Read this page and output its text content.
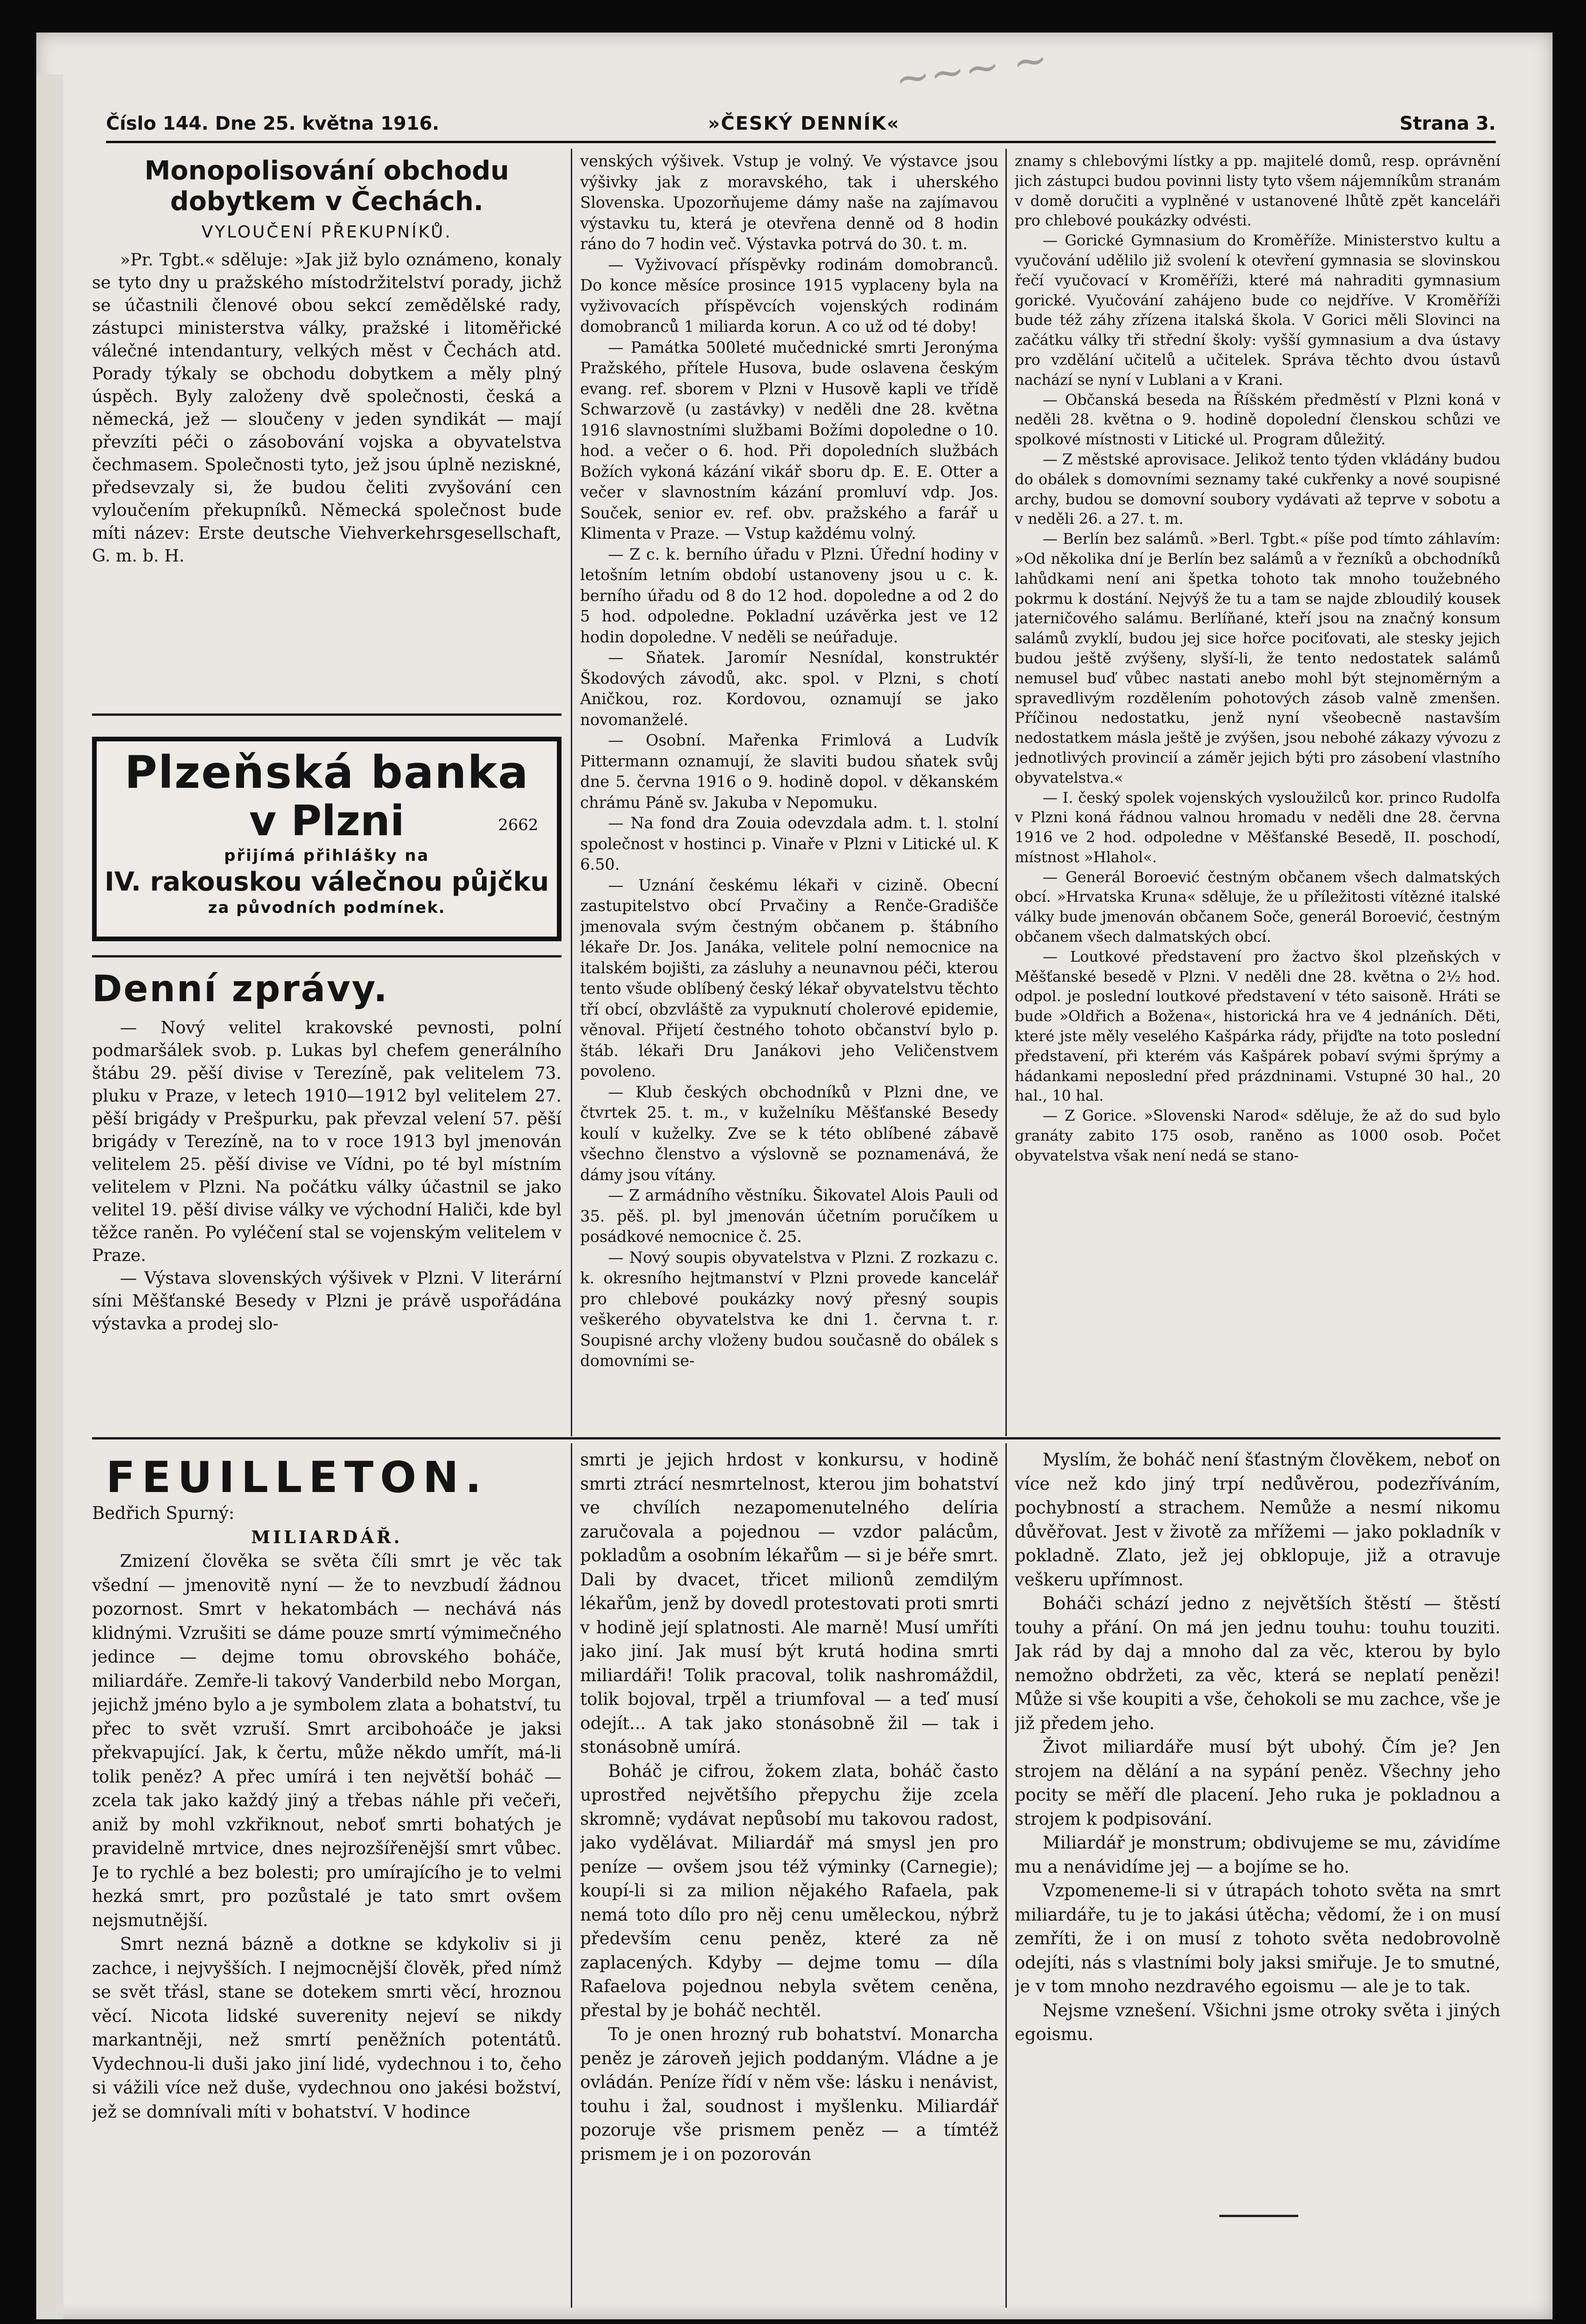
~~~ ~
Číslo 144. Dne 25. května 1916.	»ČESKÝ DENNÍK«	Strana 3.
Monopolisování obchodu dobytkem v Čechách.
VYLOUČENÍ PŘEKUPNÍKŮ.

»Pr. Tgbt.« sděluje: »Jak již bylo oznámeno, konaly se tyto dny u pražského místodržitelství porady, jichž se účastnili členové obou sekcí zemědělské rady, zástupci ministerstva války, pražské i litoměřické válečné intendantury, velkých měst v Čechách atd. Porady týkaly se obchodu dobytkem a měly plný úspěch. Byly založeny dvě společnosti, česká a německá, jež — sloučeny v jeden syndikát — mají převzíti péči o zásobování vojska a obyvatelstva čechmasem. Společnosti tyto, jež jsou úplně neziskné, předsevzaly si, že budou čeliti zvyšování cen vyloučením překupníků. Německá společnost bude míti název: Erste deutsche Viehverkehrsgesellschaft, G. m. b. H.

Plzeňská banka
v Plzni	2662
přijímá přihlášky na
IV. rakouskou válečnou půjčku
za původních podmínek.
Denní zprávy.

— Nový velitel krakovské pevnosti, polní podmaršálek svob. p. Lukas byl chefem generálního štábu 29. pěší divise v Terezíně, pak velitelem 73. pluku v Praze, v letech 1910—1912 byl velitelem 27. pěší brigády v Prešpurku, pak převzal velení 57. pěší brigády v Terezíně, na to v roce 1913 byl jmenován velitelem 25. pěší divise ve Vídni, po té byl místním velitelem v Plzni. Na počátku války účastnil se jako velitel 19. pěší divise války ve východní Haliči, kde byl těžce raněn. Po vyléčení stal se vojenským velitelem v Praze.

— Výstava slovenských výšivek v Plzni. V literární síni Měšťanské Besedy v Plzni je právě uspořádána výstavka a prodej slo-

venských výšivek. Vstup je volný. Ve výstavce jsou výšivky jak z moravského, tak i uherského Slovenska. Upozorňujeme dámy naše na zajímavou výstavku tu, která je otevřena denně od 8 hodin ráno do 7 hodin več. Výstavka potrvá do 30. t. m.

— Vyživovací příspěvky rodinám domobranců. Do konce měsíce prosince 1915 vyplaceny byla na vyživovacích příspěvcích vojenských rodinám domobranců 1 miliarda korun. A co už od té doby!

— Památka 500leté mučednické smrti Jeronýma Pražského, přítele Husova, bude oslavena českým evang. ref. sborem v Plzni v Husově kapli ve třídě Schwarzově (u zastávky) v neděli dne 28. května 1916 slavnostními službami Božími dopoledne o 10. hod. a večer o 6. hod. Při dopoledních službách Božích vykoná kázání vikář sboru dp. E. E. Otter a večer v slavnostním kázání promluví vdp. Jos. Souček, senior ev. ref. obv. pražského a farář u Klimenta v Praze. — Vstup každému volný.

— Z c. k. berního úřadu v Plzni. Úřední hodiny v letošním letním období ustanoveny jsou u c. k. berního úřadu od 8 do 12 hod. dopoledne a od 2 do 5 hod. odpoledne. Pokladní uzávěrka jest ve 12 hodin dopoledne. V neděli se neúřaduje.

— Sňatek. Jaromír Nesnídal, konstruktér Škodových závodů, akc. spol. v Plzni, s chotí Aničkou, roz. Kordovou, oznamují se jako novomanželé.

— Osobní. Mařenka Frimlová a Ludvík Pittermann oznamují, že slaviti budou sňatek svůj dne 5. června 1916 o 9. hodině dopol. v děkanském chrámu Páně sv. Jakuba v Nepomuku.

— Na fond dra Zouia odevzdala adm. t. l. stolní společnost v hostinci p. Vinaře v Plzni v Litické ul. K 6.50.

— Uznání českému lékaři v cizině. Obecní zastupitelstvo obcí Prvačiny a Renče-Gradišče jmenovala svým čestným občanem p. štábního lékaře Dr. Jos. Janáka, velitele polní nemocnice na italském bojišti, za zásluhy a neunavnou péči, kterou tento všude oblíbený český lékař obyvatelstvu těchto tří obcí, obzvláště za vypuknutí cholerové epidemie, věnoval. Přijetí čestného tohoto občanství bylo p. štáb. lékaři Dru Janákovi jeho Veličenstvem povoleno.

— Klub českých obchodníků v Plzni dne, ve čtvrtek 25. t. m., v kuželníku Měšťanské Besedy koulí v kuželky. Zve se k této oblíbené zábavě všechno členstvo a výslovně se poznamenává, že dámy jsou vítány.

— Z armádního věstníku. Šikovatel Alois Pauli od 35. pěš. pl. byl jmenován účetním poručíkem u posádkové nemocnice č. 25.

— Nový soupis obyvatelstva v Plzni. Z rozkazu c. k. okresního hejtmanství v Plzni provede kancelář pro chlebové poukázky nový přesný soupis veškerého obyvatelstva ke dni 1. června t. r. Soupisné archy vloženy budou současně do obálek s domovními se-

znamy s chlebovými lístky a pp. majitelé domů, resp. oprávnění jich zástupci budou povinni listy tyto všem nájemníkům stranám v domě doručiti a vyplněné v ustanovené lhůtě zpět kanceláři pro chlebové poukázky odvésti.

— Gorické Gymnasium do Kroměříže. Ministerstvo kultu a vyučování udělilo již svolení k otevření gymnasia se slovinskou řečí vyučovací v Kroměříži, které má nahraditi gymnasium gorické. Vyučování zahájeno bude co nejdříve. V Kroměříži bude též záhy zřízena italská škola. V Gorici měli Slovinci na začátku války tři střední školy: vyšší gymnasium a dva ústavy pro vzdělání učitelů a učitelek. Správa těchto dvou ústavů nachází se nyní v Lublani a v Krani.

— Občanská beseda na Říšském předměstí v Plzni koná v neděli 28. května o 9. hodině dopolední členskou schůzi ve spolkové místnosti v Litické ul. Program důležitý.

— Z městské aprovisace. Jelikož tento týden vkládány budou do obálek s domovními seznamy také cukřenky a nové soupisné archy, budou se domovní soubory vydávati až teprve v sobotu a v neděli 26. a 27. t. m.

— Berlín bez salámů. »Berl. Tgbt.« píše pod tímto záhlavím: »Od několika dní je Berlín bez salámů a v řezníků a obchodníků lahůdkami není ani špetka tohoto tak mnoho toužebného pokrmu k dostání. Nejvýš že tu a tam se najde zbloudilý kousek jaterničového salámu. Berlíňané, kteří jsou na značný konsum salámů zvyklí, budou jej sice hořce pociťovati, ale stesky jejich budou ještě zvýšeny, slyší-li, že tento nedostatek salámů nemusel buď vůbec nastati anebo mohl být stejnoměrným a spravedlivým rozdělením pohotových zásob valně zmenšen. Příčinou nedostatku, jenž nyní všeobecně nastavším nedostatkem másla ještě je zvýšen, jsou nebohé zákazy vývozu z jednotlivých provincií a záměr jejich býti pro zásobení vlastního obyvatelstva.«

— I. český spolek vojenských vysloužilců kor. princo Rudolfa v Plzni koná řádnou valnou hromadu v neděli dne 28. června 1916 ve 2 hod. odpoledne v Měšťanské Besedě, II. poschodí, místnost »Hlahol«.

— Generál Boroević čestným občanem všech dalmatských obcí. »Hrvatska Kruna« sděluje, že u příležitosti vítězné italské války bude jmenován občanem Soče, generál Boroević, čestným občanem všech dalmatských obcí.

— Loutkové představení pro žactvo škol plzeňských v Měšťanské besedě v Plzni. V neděli dne 28. května o 2½ hod. odpol. je poslední loutkové představení v této saisoně. Hráti se bude »Oldřich a Božena«, historická hra ve 4 jednáních. Děti, které jste měly veselého Kašpárka rády, přijďte na toto poslední představení, při kterém vás Kašpárek pobaví svými šprýmy a hádankami neposlední před prázdninami. Vstupné 30 hal., 20 hal., 10 hal.

— Z Gorice. »Slovenski Narod« sděluje, že až do sud bylo granáty zabito 175 osob, raněno as 1000 osob. Počet obyvatelstva však není nedá se stano-

FEUILLETON.

Bedřich Spurný:

MILIARDÁŘ.

Zmizení člověka se světa číli smrt je věc tak všední — jmenovitě nyní — že to nevzbudí žádnou pozornost. Smrt v hekatombách — nechává nás klidnými. Vzrušiti se dáme pouze smrtí výmimečného jedince — dejme tomu obrovského boháče, miliardáře. Zemře-li takový Vanderbild nebo Morgan, jejichž jméno bylo a je symbolem zlata a bohatství, tu přec to svět vzruší. Smrt arcibohoáče je jaksi překvapující. Jak, k čertu, může někdo umřít, má-li tolik peněz? A přec umírá i ten největší boháč — zcela tak jako každý jiný a třebas náhle při večeři, aniž by mohl vzkřiknout, neboť smrti bohatých je pravidelně mrtvice, dnes nejrozšířenější smrt vůbec. Je to rychlé a bez bolesti; pro umírajícího je to velmi hezká smrt, pro pozůstalé je tato smrt ovšem nejsmutnější.

Smrt nezná bázně a dotkne se kdykoliv si ji zachce, i nejvyšších. I nejmocnější člověk, před nímž se svět třásl, stane se dotekem smrti věcí, hroznou věcí. Nicota lidské suverenity nejeví se nikdy markantněji, než smrtí peněžních potentátů. Vydechnou-li duši jako jiní lidé, vydechnou i to, čeho si vážili více než duše, vydechnou ono jakési božství, jež se domnívali míti v bohatství. V hodince

smrti je jejich hrdost v konkursu, v hodině smrti ztrácí nesmrtelnost, kterou jim bohatství ve chvílích nezapomenutelného delíria zaručovala a pojednou — vzdor palácům, pokladům a osobním lékařům — si je béře smrt. Dali by dvacet, třicet milionů zemdilým lékařům, jenž by dovedl protestovati proti smrti v hodině její splatnosti. Ale marně! Musí umříti jako jiní. Jak musí být krutá hodina smrti miliardáři! Tolik pracoval, tolik nashromáždil, tolik bojoval, trpěl a triumfoval — a teď musí odejít... A tak jako stonásobně žil — tak i stonásobně umírá.

Boháč je cifrou, žokem zlata, boháč často uprostřed největšího přepychu žije zcela skromně; vydávat nepůsobí mu takovou radost, jako vydělávat. Miliardář má smysl jen pro peníze — ovšem jsou též výminky (Carnegie); koupí-li si za milion nějakého Rafaela, pak nemá toto dílo pro něj cenu uměleckou, nýbrž především cenu peněz, které za ně zaplacených. Kdyby — dejme tomu — díla Rafaelova pojednou nebyla světem ceněna, přestal by je boháč nechtěl.

To je onen hrozný rub bohatství. Monarcha peněz je zároveň jejich poddaným. Vládne a je ovládán. Peníze řídí v něm vše: lásku i nenávist, touhu i žal, soudnost i myšlenku. Miliardář pozoruje vše prismem peněz — a tímtéž prismem je i on pozorován

Myslím, že boháč není šťastným člověkem, neboť on více než kdo jiný trpí nedůvěrou, podezříváním, pochybností a strachem. Nemůže a nesmí nikomu důvěřovat. Jest v životě za mřížemi — jako pokladník v pokladně. Zlato, jež jej obklopuje, již a otravuje veškeru upřímnost.

Boháči schází jedno z největších štěstí — štěstí touhy a přání. On má jen jednu touhu: touhu touziti. Jak rád by daj a mnoho dal za věc, kterou by bylo nemožno obdržeti, za věc, která se neplatí penězi! Může si vše koupiti a vše, čehokoli se mu zachce, vše je již předem jeho.

Život miliardáře musí být ubohý. Čím je? Jen strojem na dělání a na sypání peněz. Všechny jeho pocity se měří dle placení. Jeho ruka je pokladnou a strojem k podpisování.

Miliardář je monstrum; obdivujeme se mu, závidíme mu a nenávidíme jej — a bojíme se ho.

Vzpomeneme-li si v útrapách tohoto světa na smrt miliardáře, tu je to jakási útěcha; vědomí, že i on musí zemříti, že i on musí z tohoto světa nedobrovolně odejíti, nás s vlastními boly jaksi smiřuje. Je to smutné, je v tom mnoho nezdravého egoismu — ale je to tak.

Nejsme vznešení. Všichni jsme otroky světa i jiných egoismu.
